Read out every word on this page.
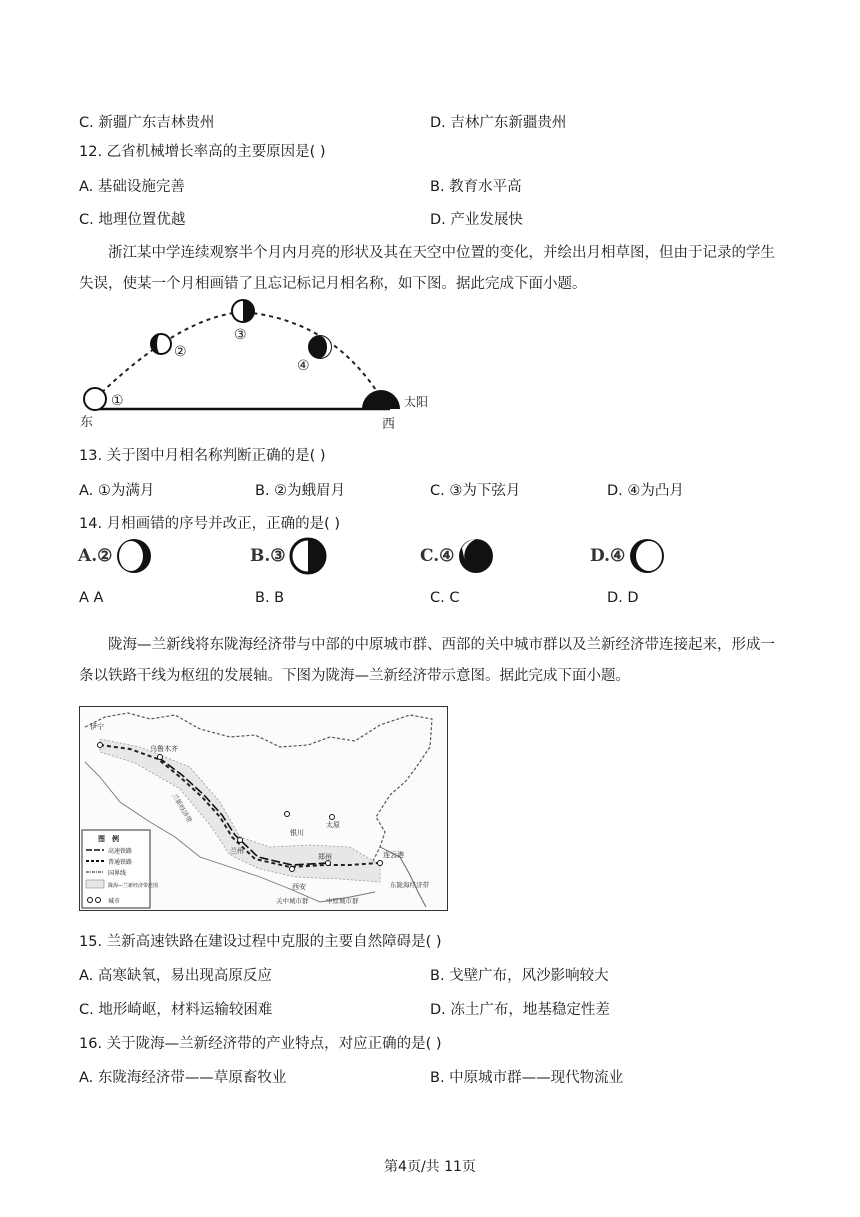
C. 新疆广东吉林贵州	D. 吉林广东新疆贵州
12. 乙省机械增长率高的主要原因是( )
A. 基础设施完善	B. 教育水平高
C. 地理位置优越	D. 产业发展快
浙江某中学连续观察半个月内月亮的形状及其在天空中位置的变化，并绘出月相草图，但由于记录的学生失误，使某一个月相画错了且忘记标记月相名称，如下图。据此完成下面小题。
①
②
③
④
太阳
东	西
13. 关于图中月相名称判断正确的是( )
A. ①为满月	B. ②为蛾眉月	C. ③为下弦月	D. ④为凸月
14. 月相画错的序号并改正，正确的是( )
A.②	B.③	C.④	D.④
A A	B. B	C. C	D. D
陇海—兰新线将东陇海经济带与中部的中原城市群、西部的关中城市群以及兰新经济带连接起来，形成一条以铁路干线为枢纽的发展轴。下图为陇海—兰新经济带示意图。据此完成下面小题。
伊宁
乌鲁木齐
银川
太原
兰州
郑州
西安
连云港
兰新经济带
关中城市群	中原城市群
东陇海经济带
图　例
高速铁路
普通铁路
国界线
陇海—兰新经济带范围
城市
15. 兰新高速铁路在建设过程中克服的主要自然障碍是( )
A. 高寒缺氧，易出现高原反应	B. 戈壁广布，风沙影响较大
C. 地形崎岖，材料运输较困难	D. 冻土广布，地基稳定性差
16. 关于陇海—兰新经济带的产业特点，对应正确的是( )
A. 东陇海经济带——草原畜牧业	B. 中原城市群——现代物流业
第4页/共 11页
